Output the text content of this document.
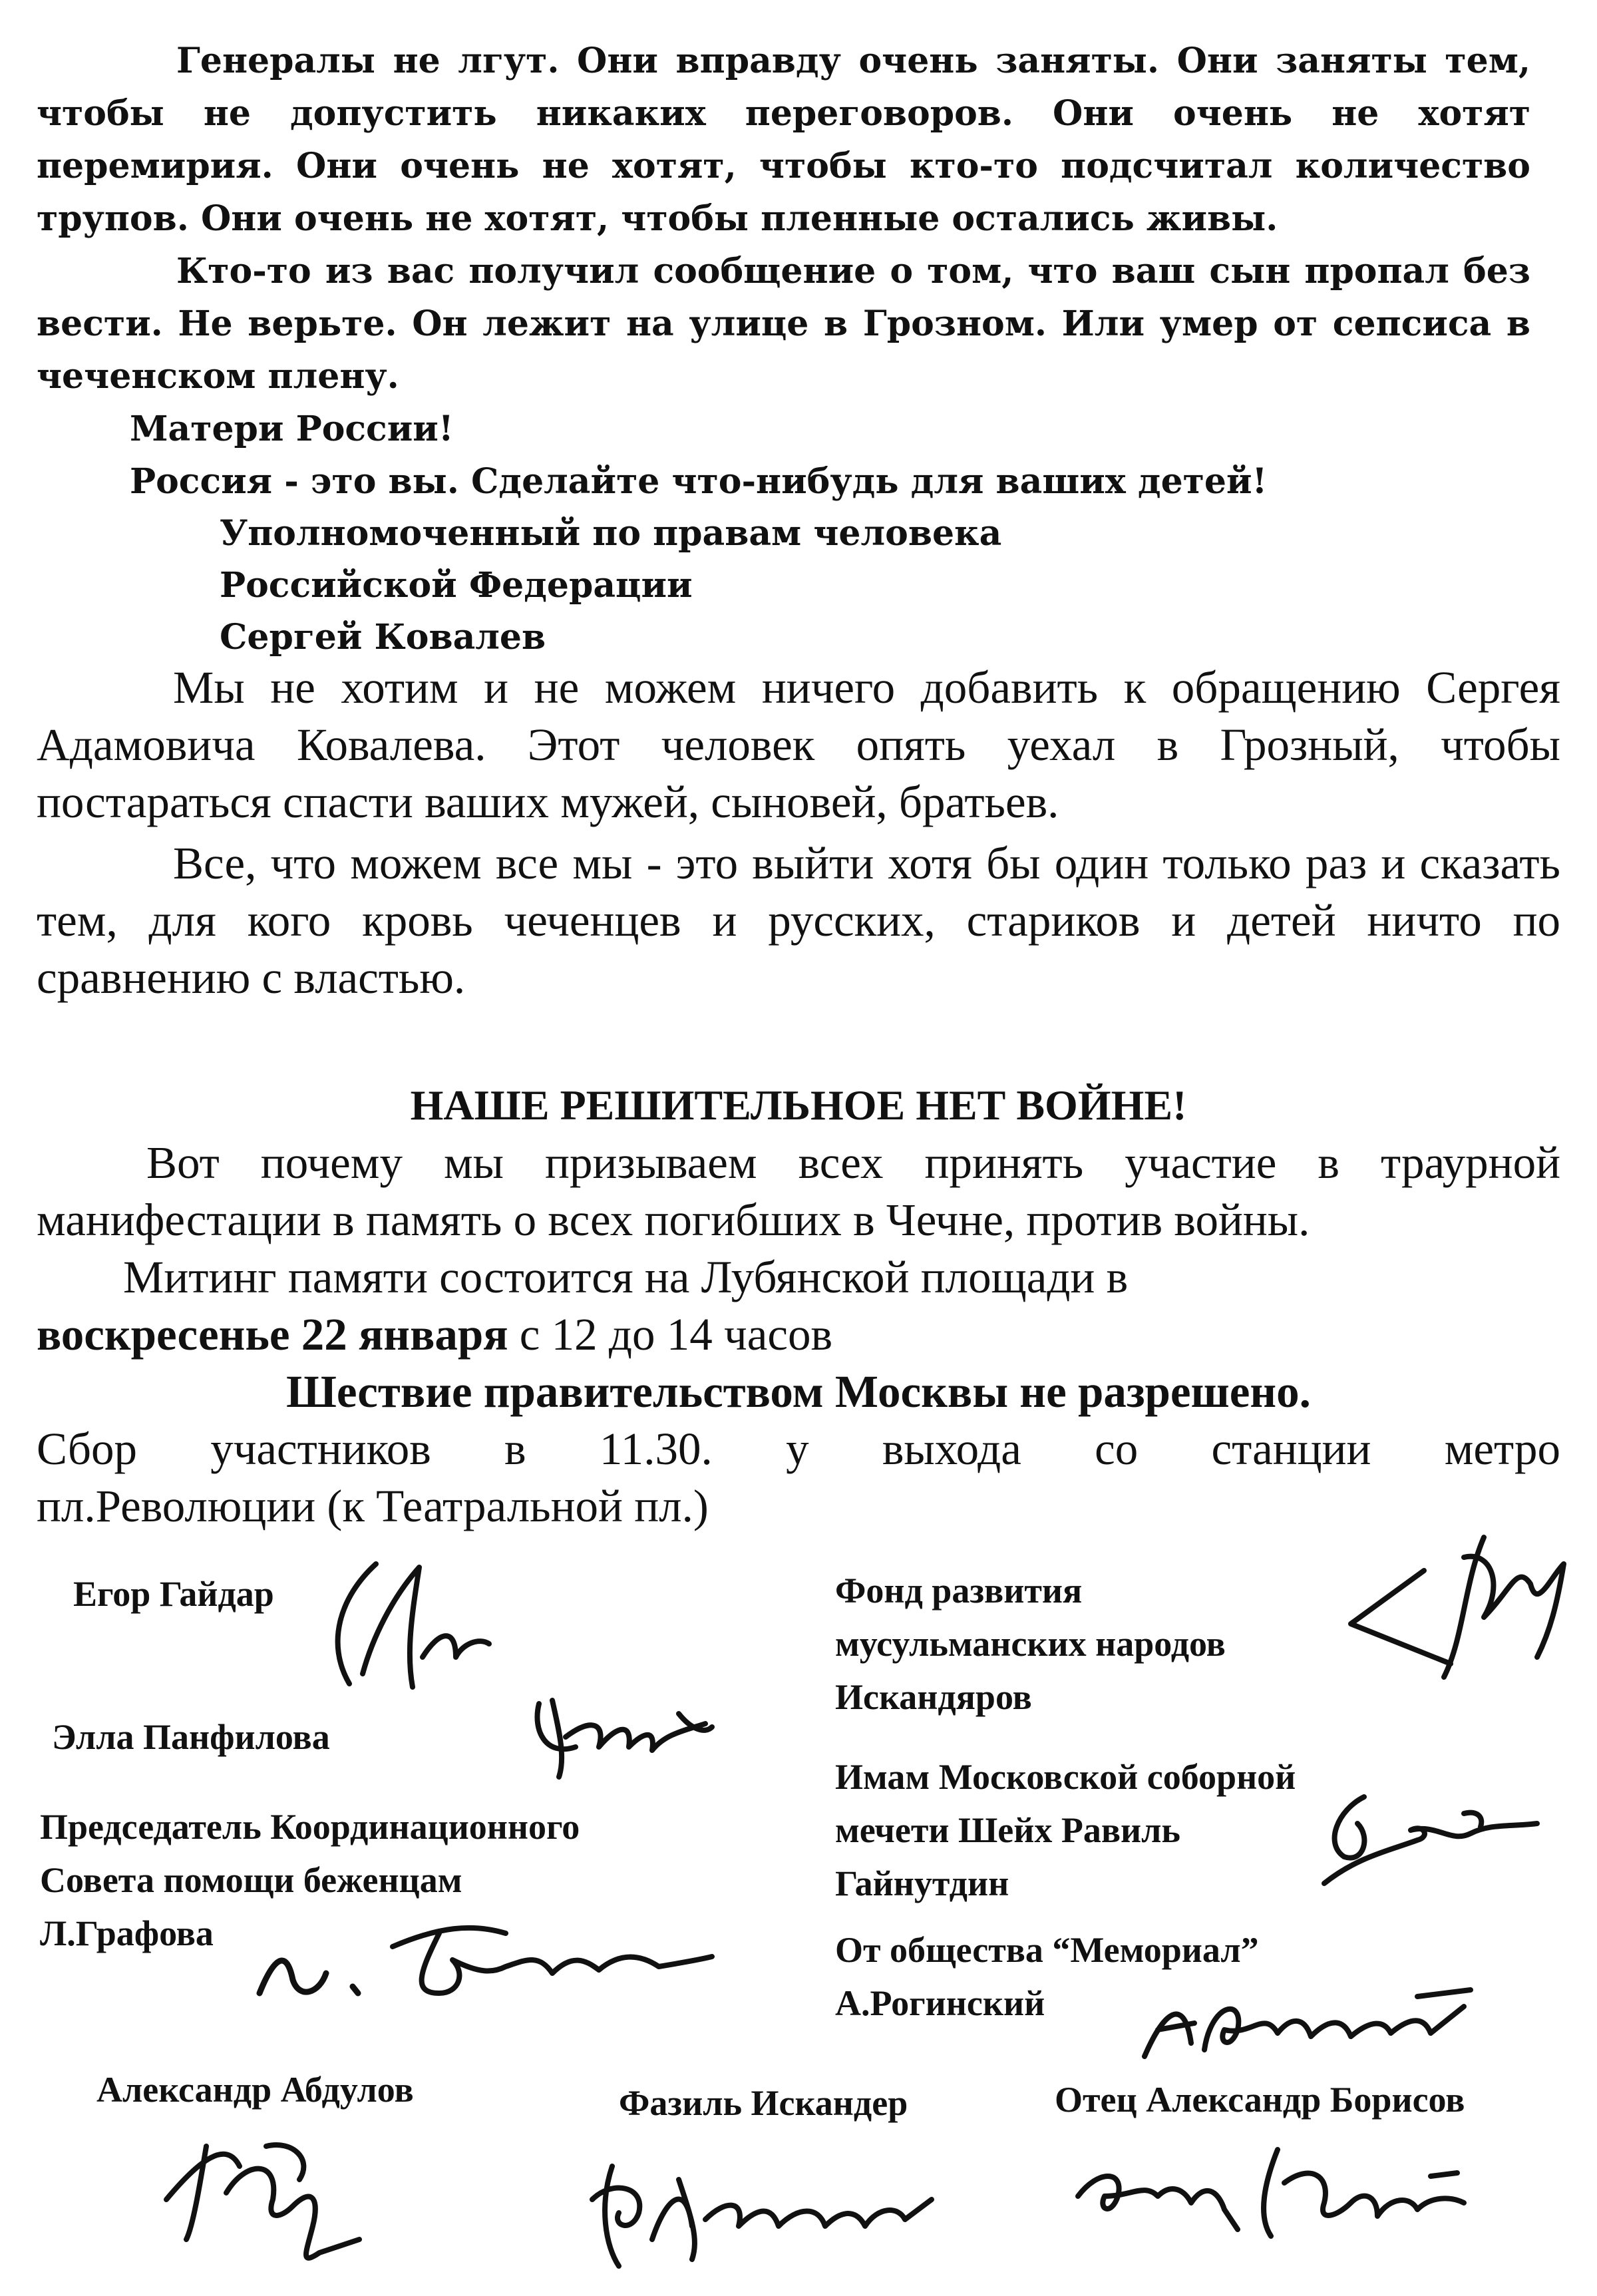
Генералы не лгут. Они вправду очень заняты. Они заняты тем, чтобы не допустить никаких переговоров. Они очень не хотят перемирия. Они очень не хотят, чтобы кто-то подсчитал количество трупов. Они очень не хотят, чтобы пленные остались живы.

Кто-то из вас получил сообщение о том, что ваш сын пропал без вести. Не верьте. Он лежит на улице в Грозном. Или умер от сепсиса в чеченском плену.

Матери России!

Россия - это вы. Сделайте что-нибудь для ваших детей!

Уполномоченный по правам человека

Российской Федерации

Сергей Ковалев

Мы не хотим и не можем ничего добавить к обращению Сергея Адамовича Ковалева. Этот человек опять уехал в Грозный, чтобы постараться спасти ваших мужей, сыновей, братьев.

Все, что можем все мы - это выйти хотя бы один только раз и сказать тем, для кого кровь чеченцев и русских, стариков и детей ничто по сравнению с властью.

НАШЕ РЕШИТЕЛЬНОЕ НЕТ ВОЙНЕ!

Вот почему мы призываем всех принять участие в траурной манифестации в память о всех погибших в Чечне, против войны.

Митинг памяти состоится на Лубянской площади в

воскресенье 22 января с 12 до 14 часов

Шествие правительством Москвы не разрешено.

Сбор участников в 11.30. у выхода со станции метро

пл.Революции (к Театральной пл.)

Егор Гайдар
Элла Панфилова
Председатель Координационного
Совета помощи беженцам
Л.Графова
Фонд развития
мусульманских народов
Искандяров
Имам Московской соборной
мечети Шейх Равиль
Гайнутдин
От общества “Мемориал”
А.Рогинский
Александр Абдулов	Фазиль Искандер	Отец Александр Борисов
